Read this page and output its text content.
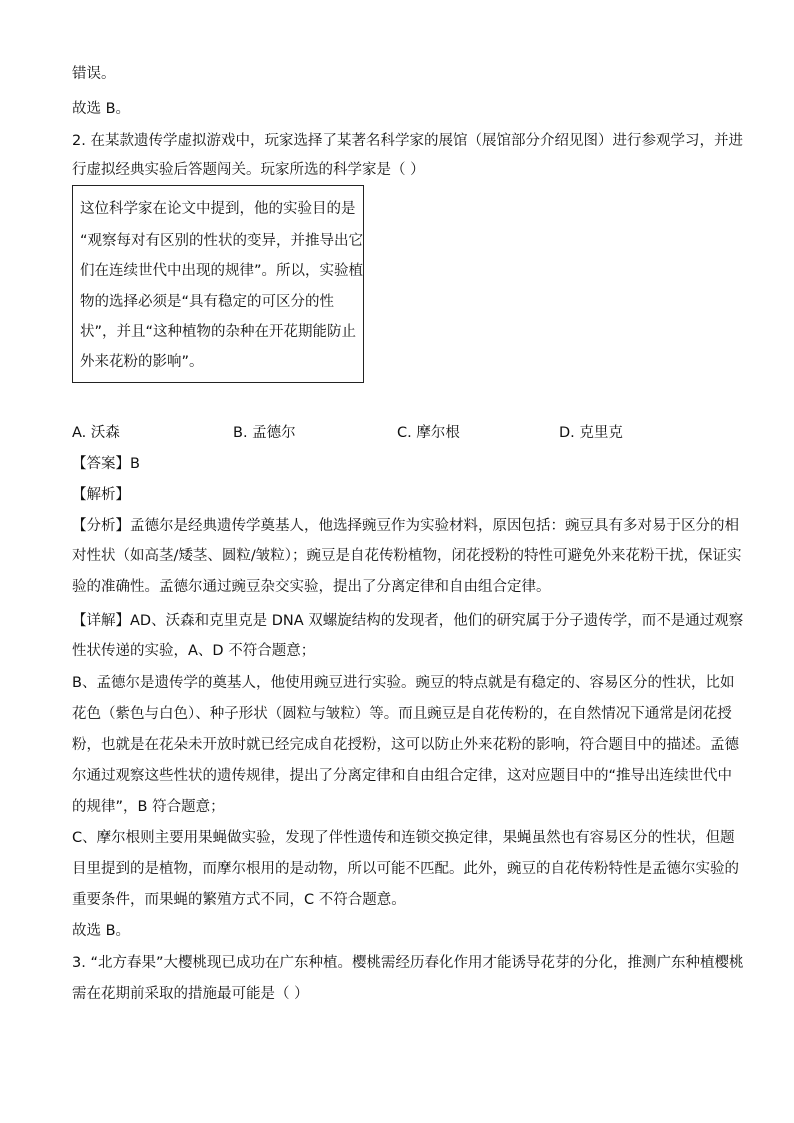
错误。
故选 B。
2. 在某款遗传学虚拟游戏中，玩家选择了某著名科学家的展馆（展馆部分介绍见图）进行参观学习，并进
行虚拟经典实验后答题闯关。玩家所选的科学家是（ ）
这位科学家在论文中提到，他的实验目的是
“观察每对有区别的性状的变异，并推导出它
们在连续世代中出现的规律”。所以，实验植
物的选择必须是“具有稳定的可区分的性
状”，并且“这种植物的杂种在开花期能防止
外来花粉的影响”。
A. 沃森	B. 孟德尔	C. 摩尔根	D. 克里克
【答案】B
【解析】
【分析】孟德尔是经典遗传学奠基人，他选择豌豆作为实验材料，原因包括：豌豆具有多对易于区分的相
对性状（如高茎/矮茎、圆粒/皱粒）；豌豆是自花传粉植物，闭花授粉的特性可避免外来花粉干扰，保证实
验的准确性。孟德尔通过豌豆杂交实验，提出了分离定律和自由组合定律。
【详解】AD、沃森和克里克是 DNA 双螺旋结构的发现者，他们的研究属于分子遗传学，而不是通过观察
性状传递的实验，A、D 不符合题意；
B、孟德尔是遗传学的奠基人，他使用豌豆进行实验。豌豆的特点就是有稳定的、容易区分的性状，比如
花色（紫色与白色）、种子形状（圆粒与皱粒）等。而且豌豆是自花传粉的，在自然情况下通常是闭花授
粉，也就是在花朵未开放时就已经完成自花授粉，这可以防止外来花粉的影响，符合题目中的描述。孟德
尔通过观察这些性状的遗传规律，提出了分离定律和自由组合定律，这对应题目中的“推导出连续世代中
的规律”，B 符合题意；
C、摩尔根则主要用果蝇做实验，发现了伴性遗传和连锁交换定律，果蝇虽然也有容易区分的性状，但题
目里提到的是植物，而摩尔根用的是动物，所以可能不匹配。此外，豌豆的自花传粉特性是孟德尔实验的
重要条件，而果蝇的繁殖方式不同，C 不符合题意。
故选 B。
3. “北方春果”大樱桃现已成功在广东种植。樱桃需经历春化作用才能诱导花芽的分化，推测广东种植樱桃
需在花期前采取的措施最可能是（ ）
